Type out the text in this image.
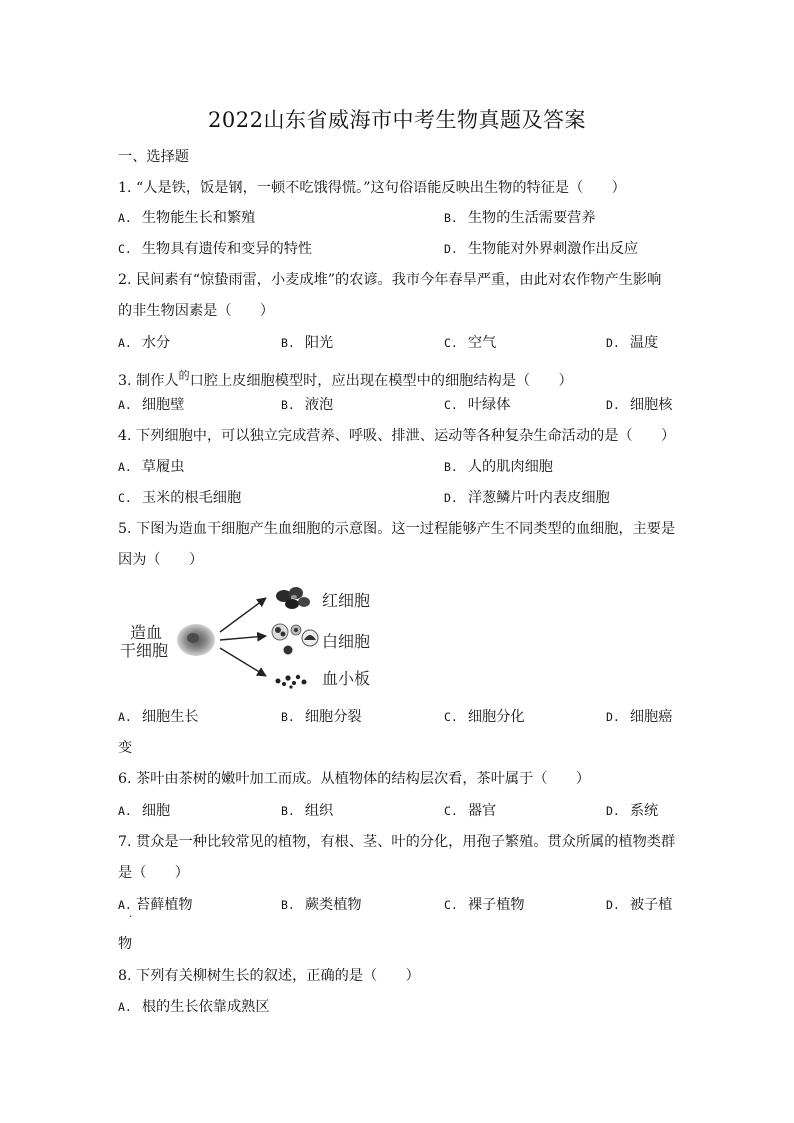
2022山东省威海市中考生物真题及答案
一、选择题
1. “人是铁，饭是钢，一顿不吃饿得慌。”这句俗语能反映出生物的特征是（　　）
A. 生物能生长和繁殖	B. 生物的生活需要营养
C. 生物具有遗传和变异的特性	D. 生物能对外界刺激作出反应
2. 民间素有“惊蛰雨雷，小麦成堆”的农谚。我市今年春旱严重，由此对农作物产生影响
的非生物因素是（　　）
A. 水分	B. 阳光	C. 空气	D. 温度
3. 制作人$^的$口腔上皮细胞模型时，应出现在模型中的细胞结构是（　　）
A. 细胞壁	B. 液泡	C. 叶绿体	D. 细胞核
4. 下列细胞中，可以独立完成营养、呼吸、排泄、运动等各种复杂生命活动的是（　　）
A. 草履虫	B. 人的肌肉细胞
C. 玉米的根毛细胞	D. 洋葱鳞片叶内表皮细胞
5. 下图为造血干细胞产生血细胞的示意图。这一过程能够产生不同类型的血细胞，主要是
因为（　　）
造血
干细胞
红细胞
白细胞
血小板
A. 细胞生长	B. 细胞分裂	C. 细胞分化	D. 细胞癌
变
6. 茶叶由茶树的嫩叶加工而成。从植物体的结构层次看，茶叶属于（　　）
A. 细胞	B. 组织	C. 器官	D. 系统
7. 贯众是一种比较常见的植物，有根、茎、叶的分化，用孢子繁殖。贯众所属的植物类群
是（　　）
A. 苔藓植物
·
B. 蕨类植物	C. 裸子植物	D. 被子植
物
8. 下列有关柳树生长的叙述，正确的是（　　）
A. 根的生长依靠成熟区
